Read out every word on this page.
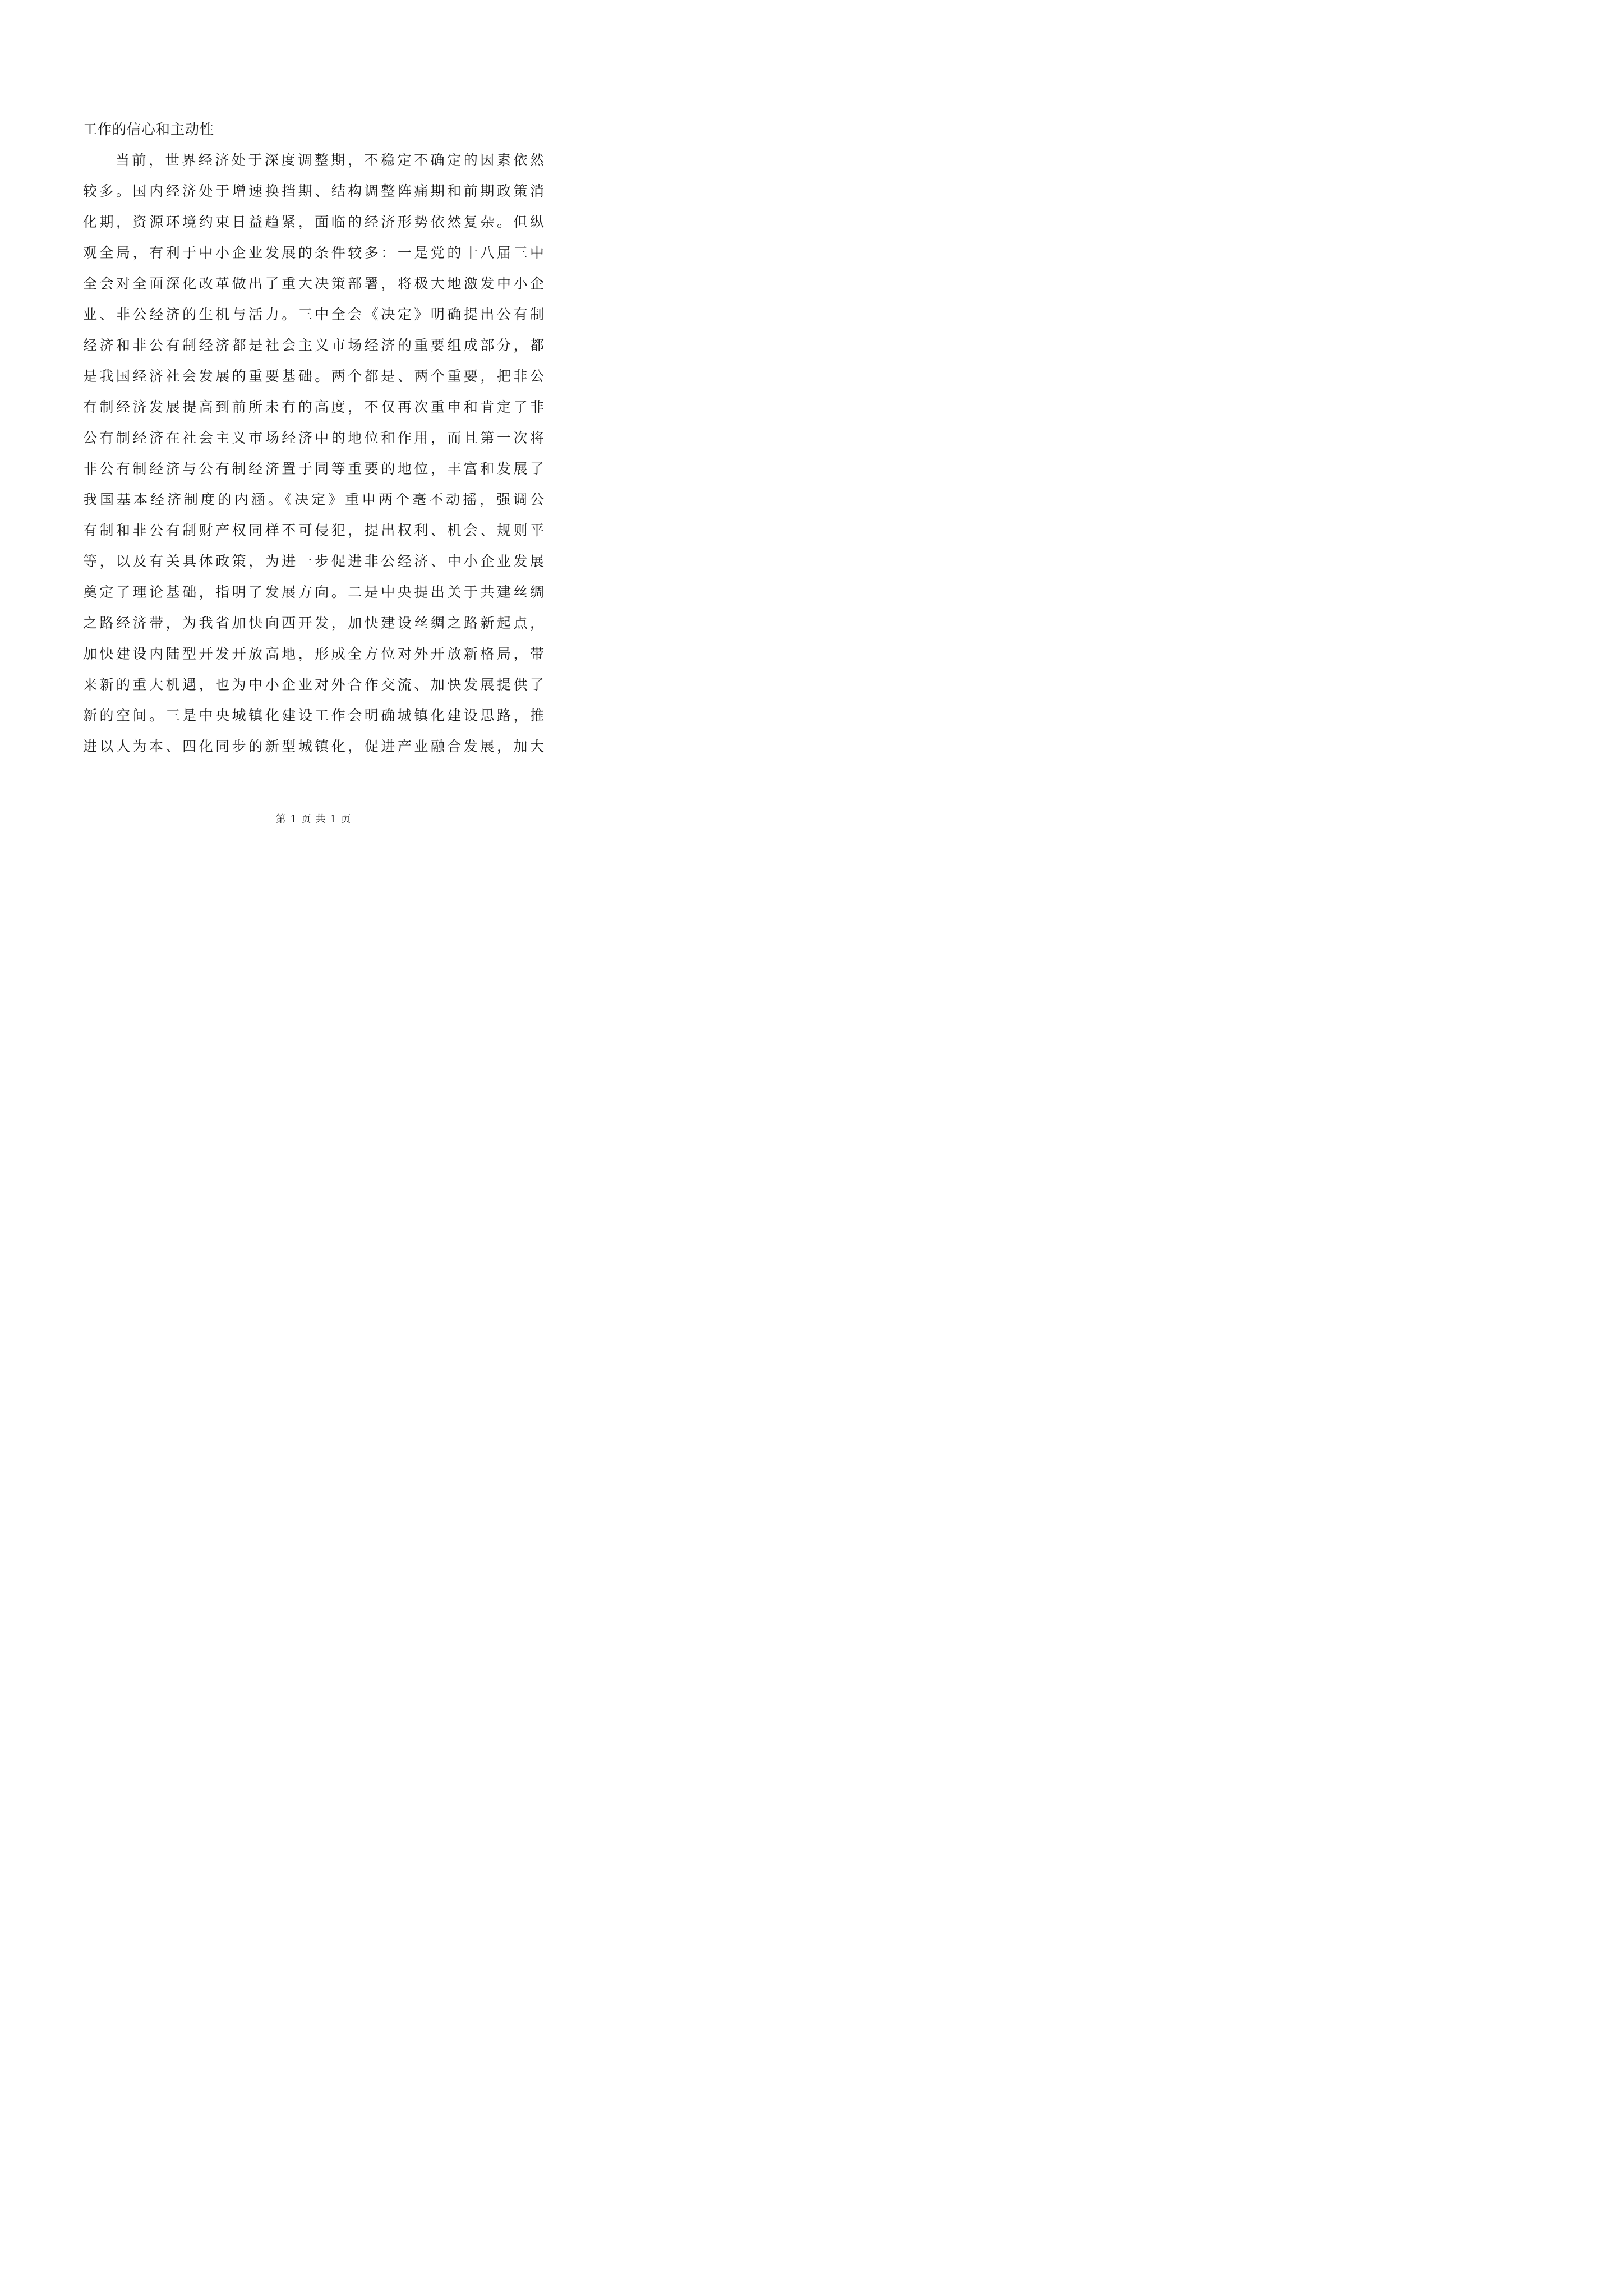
工作的信心和主动性
当前，世界经济处于深度调整期，不稳定不确定的因素依然
较多。国内经济处于增速换挡期、结构调整阵痛期和前期政策消
化期，资源环境约束日益趋紧，面临的经济形势依然复杂。但纵
观全局，有利于中小企业发展的条件较多：一是党的十八届三中
全会对全面深化改革做出了重大决策部署，将极大地激发中小企
业、非公经济的生机与活力。三中全会《决定》明确提出公有制
经济和非公有制经济都是社会主义市场经济的重要组成部分，都
是我国经济社会发展的重要基础。两个都是、两个重要，把非公
有制经济发展提高到前所未有的高度，不仅再次重申和肯定了非
公有制经济在社会主义市场经济中的地位和作用，而且第一次将
非公有制经济与公有制经济置于同等重要的地位，丰富和发展了
我国基本经济制度的内涵。《决定》重申两个毫不动摇，强调公
有制和非公有制财产权同样不可侵犯，提出权利、机会、规则平
等，以及有关具体政策，为进一步促进非公经济、中小企业发展
奠定了理论基础，指明了发展方向。二是中央提出关于共建丝绸
之路经济带，为我省加快向西开发，加快建设丝绸之路新起点，
加快建设内陆型开发开放高地，形成全方位对外开放新格局，带
来新的重大机遇，也为中小企业对外合作交流、加快发展提供了
新的空间。三是中央城镇化建设工作会明确城镇化建设思路，推
进以人为本、四化同步的新型城镇化，促进产业融合发展，加大
第 1 页 共 1 页
